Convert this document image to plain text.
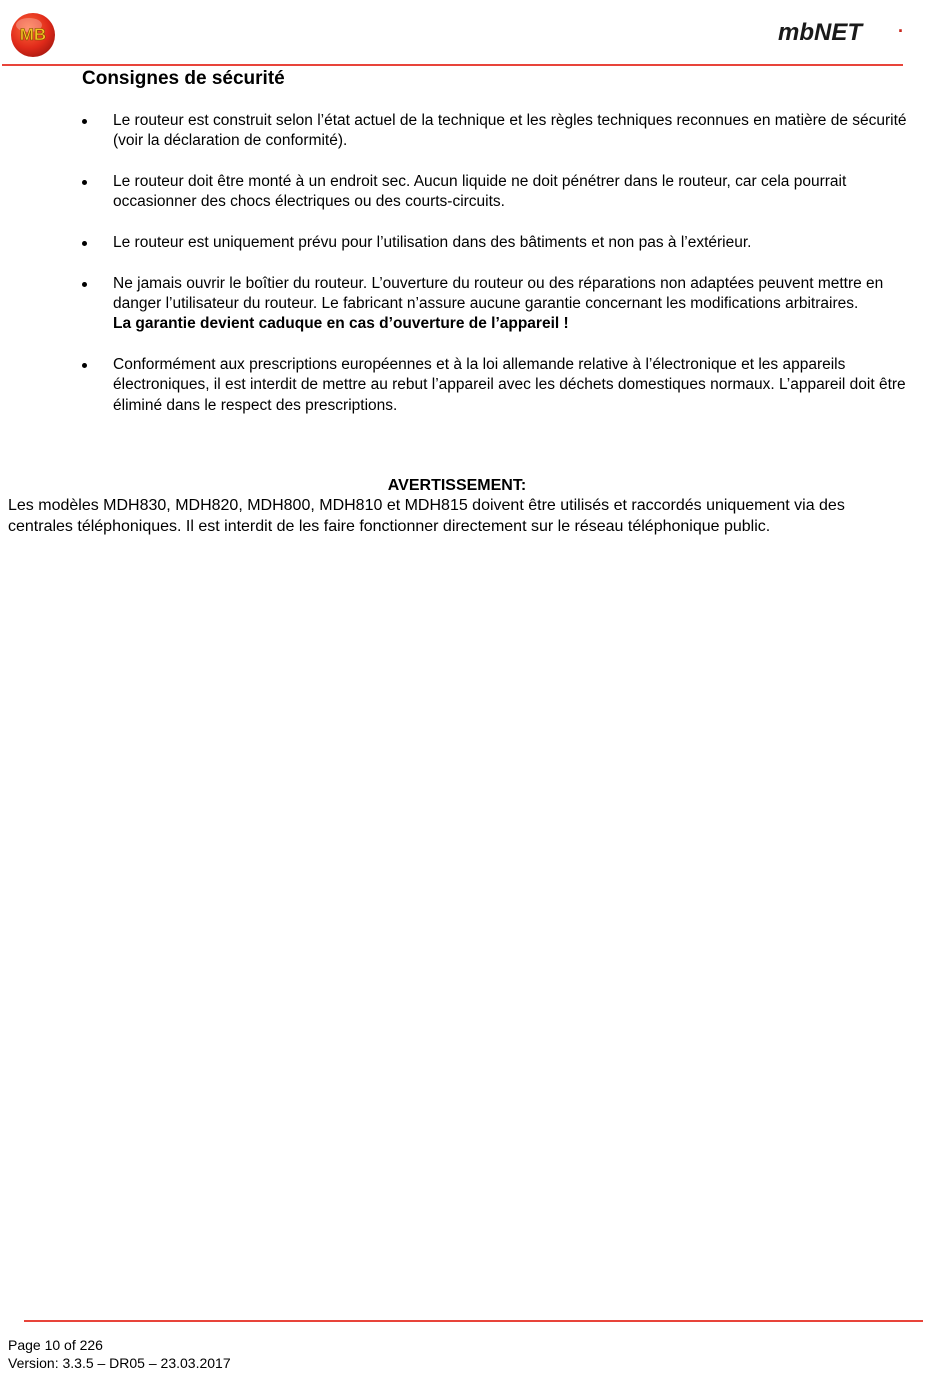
MB	mbNET .
Consignes de sécurité
Le routeur est construit selon l’état actuel de la technique et les règles techniques reconnues en matière de sécurité (voir la déclaration de conformité).
Le routeur doit être monté à un endroit sec. Aucun liquide ne doit pénétrer dans le routeur, car cela pourrait occasionner des chocs électriques ou des courts-circuits.
Le routeur est uniquement prévu pour l’utilisation dans des bâtiments et non pas à l’extérieur.
Ne jamais ouvrir le boîtier du routeur. L’ouverture du routeur ou des réparations non adaptées peuvent mettre en danger l’utilisateur du routeur. Le fabricant n’assure aucune garantie concernant les modifications arbitraires.
La garantie devient caduque en cas d’ouverture de l’appareil !
Conformément aux prescriptions européennes et à la loi allemande relative à l’électronique et les appareils électroniques, il est interdit de mettre au rebut l’appareil avec les déchets domestiques normaux. L’appareil doit être éliminé dans le respect des prescriptions.
AVERTISSEMENT:

Les modèles MDH830, MDH820, MDH800, MDH810 et MDH815 doivent être utilisés et raccordés uniquement via des centrales téléphoniques. Il est interdit de les faire fonctionner directement sur le réseau téléphonique public.

Page 10 of 226
Version: 3.3.5 – DR05 – 23.03.2017
